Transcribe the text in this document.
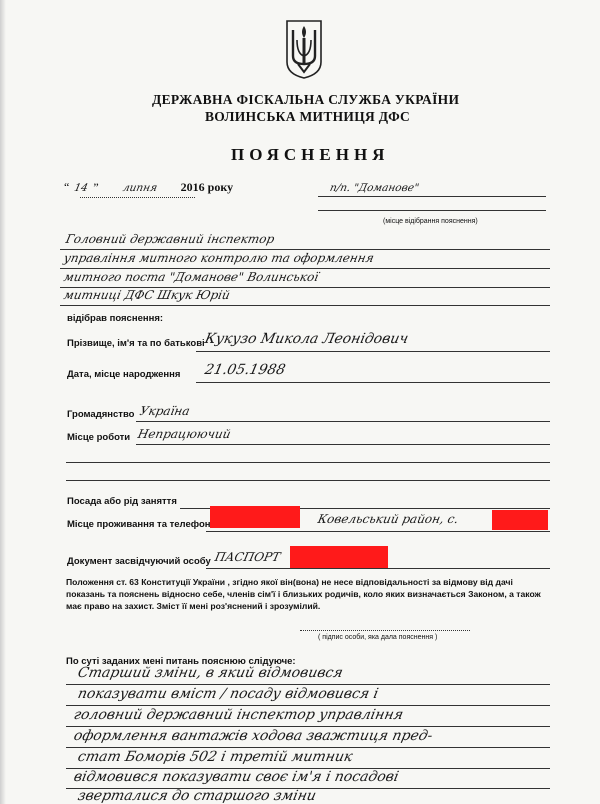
ДЕРЖАВНА ФІСКАЛЬНА СЛУЖБА УКРАЇНИ
ВОЛИНСЬКА МИТНИЦЯ ДФС
ПОЯСНЕННЯ
“ 14 ” липня 2016 року	п/п. "Доманове"
(місце відібрання пояснення)
Головний державний інспектор
управління митного контролю та оформлення
митного поста "Доманове" Волинської
митниці ДФС Шкук Юрій
відібрав пояснення:
Прізвище, ім'я та по батькові
Кукузо Микола Леонідович
Дата, місце народження 21.05.1988
Громадянство Україна
Місце роботи Непрацюючий
Посада або рід заняття
Місце проживання та телефон	Ковельський район, с.
Документ засвідчуючий особу ПАСПОРТ
Положення ст. 63 Конституції України , згідно якої він(вона) не несе відповідальності за відмову від дачі показань та пояснень відносно себе, членів сім'ї і близьких родичів, коло яких визначається Законом, а також має право на захист. Зміст її мені роз'яснений і зрозумілий.
( підпис особи, яка дала пояснення )
По суті заданих мені питань пояснюю слідуюче:
Старший зміни, в який відмовився
показувати вміст / посаду відмовився і
головний державний інспектор управління
оформлення вантажів ходова зважтиця пред-
стат Боморів 502 і третій митник
відмовився показувати своє ім'я і посадові
зверталися до старшого зміни
